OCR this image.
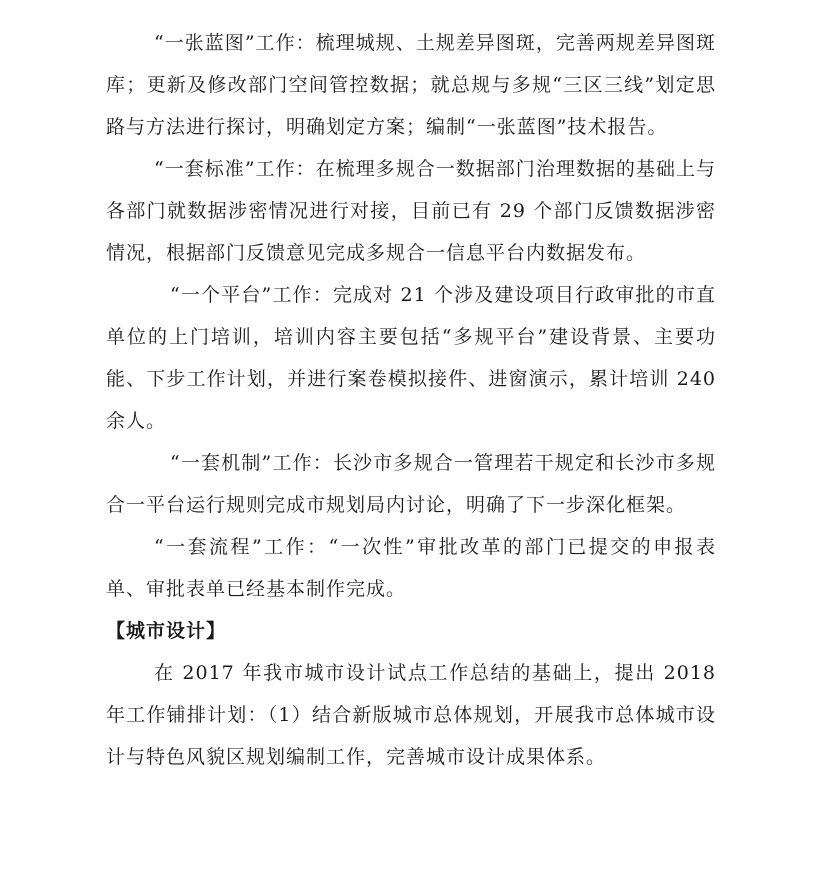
“一张蓝图”工作：梳理城规、土规差异图斑，完善两规差异图斑库；更新及修改部门空间管控数据；就总规与多规“三区三线”划定思路与方法进行探讨，明确划定方案；编制“一张蓝图”技术报告。

“一套标准”工作：在梳理多规合一数据部门治理数据的基础上与各部门就数据涉密情况进行对接，目前已有 29 个部门反馈数据涉密情况，根据部门反馈意见完成多规合一信息平台内数据发布。

“一个平台”工作：完成对 21 个涉及建设项目行政审批的市直单位的上门培训，培训内容主要包括“多规平台”建设背景、主要功能、下步工作计划，并进行案卷模拟接件、进窗演示，累计培训 240 余人。

“一套机制”工作：长沙市多规合一管理若干规定和长沙市多规合一平台运行规则完成市规划局内讨论，明确了下一步深化框架。

“一套流程”工作：“一次性”审批改革的部门已提交的申报表单、审批表单已经基本制作完成。

【城市设计】

在 2017 年我市城市设计试点工作总结的基础上，提出 2018 年工作铺排计划：（1）结合新版城市总体规划，开展我市总体城市设计与特色风貌区规划编制工作，完善城市设计成果体系。
